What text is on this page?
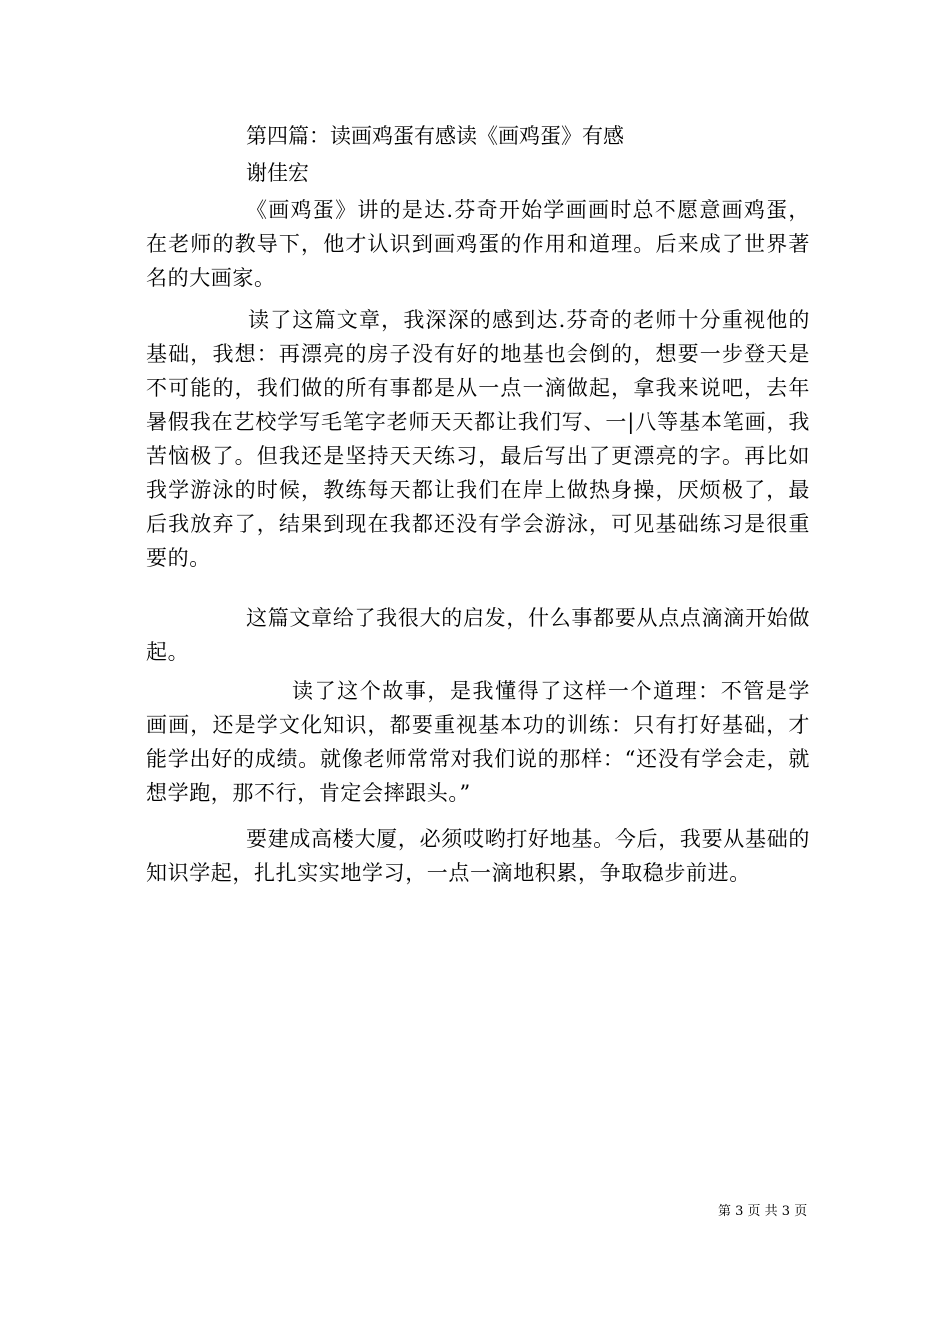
第四篇：读画鸡蛋有感读《画鸡蛋》有感
谢佳宏

《画鸡蛋》讲的是达.芬奇开始学画画时总不愿意画鸡蛋，在老师的教导下，他才认识到画鸡蛋的作用和道理。后来成了世界著名的大画家。

读了这篇文章，我深深的感到达.芬奇的老师十分重视他的基础，我想：再漂亮的房子没有好的地基也会倒的，想要一步登天是不可能的，我们做的所有事都是从一点一滴做起，拿我来说吧，去年暑假我在艺校学写毛笔字老师天天都让我们写、一|八等基本笔画，我苦恼极了。但我还是坚持天天练习，最后写出了更漂亮的字。再比如我学游泳的时候，教练每天都让我们在岸上做热身操，厌烦极了，最后我放弃了，结果到现在我都还没有学会游泳，可见基础练习是很重要的。

这篇文章给了我很大的启发，什么事都要从点点滴滴开始做起。

读了这个故事，是我懂得了这样一个道理：不管是学画画，还是学文化知识，都要重视基本功的训练：只有打好基础，才能学出好的成绩。就像老师常常对我们说的那样：“还没有学会走，就想学跑，那不行，肯定会摔跟头。”

要建成高楼大厦，必须哎哟打好地基。今后，我要从基础的知识学起，扎扎实实地学习，一点一滴地积累，争取稳步前进。

第 3 页 共 3 页
